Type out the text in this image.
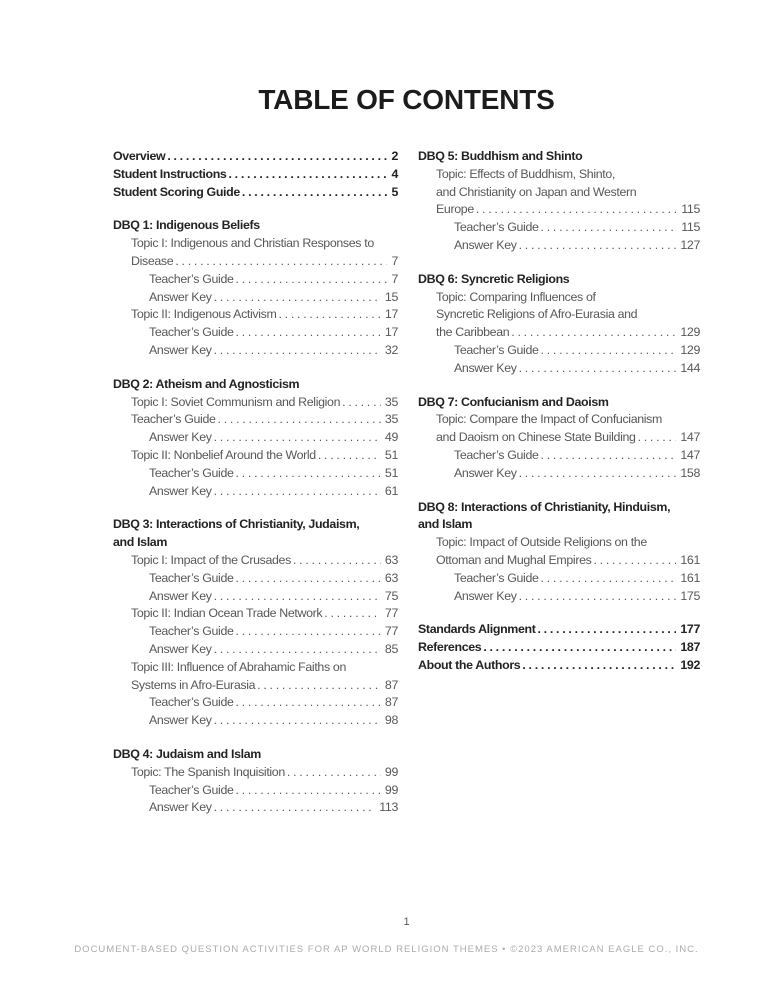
TABLE OF CONTENTS
Overview . . .	2
Student Instructions . . .	4
Student Scoring Guide . . .	5
DBQ 1: Indigenous Beliefs
Topic I: Indigenous and Christian Responses to
Disease . . .	7
Teacher’s Guide . . .	7
Answer Key . . .	15
Topic II: Indigenous Activism . . .	17
Teacher’s Guide . . .	17
Answer Key . . .	32
DBQ 2: Atheism and Agnosticism
Topic I: Soviet Communism and Religion . . .	35
Teacher’s Guide . . .	35
Answer Key . . .	49
Topic II: Nonbelief Around the World . . .	51
Teacher’s Guide . . .	51
Answer Key . . .	61
DBQ 3: Interactions of Christianity, Judaism,
and Islam
Topic I: Impact of the Crusades . . .	63
Teacher’s Guide . . .	63
Answer Key . . .	75
Topic II: Indian Ocean Trade Network . . .	77
Teacher’s Guide . . .	77
Answer Key . . .	85
Topic III: Influence of Abrahamic Faiths on
Systems in Afro-Eurasia . . .	87
Teacher’s Guide . . .	87
Answer Key . . .	98
DBQ 4: Judaism and Islam
Topic: The Spanish Inquisition . . .	99
Teacher’s Guide . . .	99
Answer Key . . .	113
DBQ 5: Buddhism and Shinto
Topic: Effects of Buddhism, Shinto,
and Christianity on Japan and Western
Europe . . .	115
Teacher’s Guide . . .	115
Answer Key . . .	127
DBQ 6: Syncretic Religions
Topic: Comparing Influences of
Syncretic Religions of Afro-Eurasia and
the Caribbean . . .	129
Teacher’s Guide . . .	129
Answer Key . . .	144
DBQ 7: Confucianism and Daoism
Topic: Compare the Impact of Confucianism
and Daoism on Chinese State Building . . .	147
Teacher’s Guide . . .	147
Answer Key . . .	158
DBQ 8: Interactions of Christianity, Hinduism,
and Islam
Topic: Impact of Outside Religions on the
Ottoman and Mughal Empires . . .	161
Teacher’s Guide . . .	161
Answer Key . . .	175
Standards Alignment . . .	177
References . . .	187
About the Authors . . .	192
1
DOCUMENT-BASED QUESTION ACTIVITIES FOR AP WORLD RELIGION THEMES • ©2023 AMERICAN EAGLE CO., INC.
